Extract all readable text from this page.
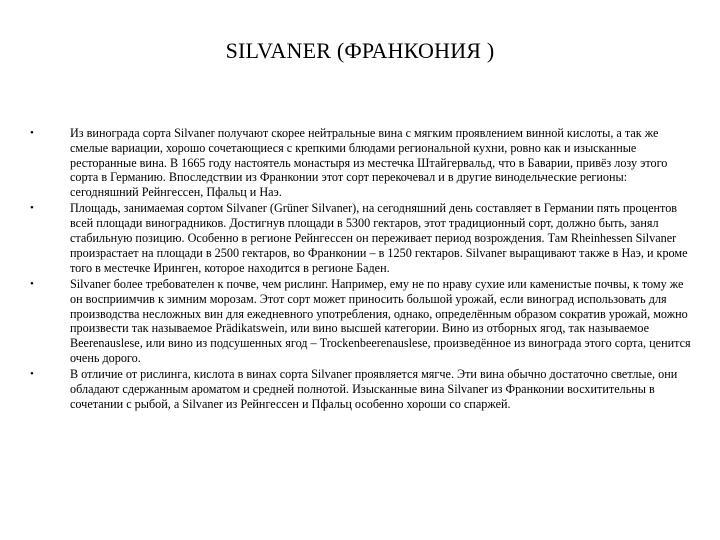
SILVANER (ФРАНКОНИЯ )
•	Из винограда сорта Silvaner получают скорее нейтральные вина с мягким проявлением винной кислоты, а так же смелые вариации, хорошо сочетающиеся с крепкими блюдами региональной кухни, ровно как и изысканные ресторанные вина. В 1665 году настоятель монастыря из местечка Штайгервальд, что в Баварии, привёз лозу этого сорта в Германию. Впоследствии из Франконии этот сорт перекочевал и в другие винодельческие регионы: сегодняшний Рейнгессен, Пфальц и Наэ.
•	Площадь, занимаемая сортом Silvaner (Grüner Silvaner), на сегодняшний день составляет в Германии пять процентов всей площади виноградников. Достигнув площади в 5300 гектаров, этот традиционный сорт, должно быть, занял стабильную позицию. Особенно в регионе Рейнгессен он переживает период возрождения. Там Rheinhessen Silvaner произрастает на площади в 2500 гектаров, во Франконии – в 1250 гектаров. Silvaner выращивают также в Наэ, и кроме того в местечке Ирингeн, которое находится в регионе Баден.
•	Silvaner более требователен к почве, чем рислинг. Например, ему не по нраву сухие или каменистые почвы, к тому же он восприимчив к зимним морозам. Этот сорт может приносить большой урожай, если виноград использовать для производства несложных вин для ежедневного употребления, однако, определённым образом сократив урожай, можно произвести так называемое Prädikatswein, или вино высшей категории. Вино из отборных ягод, так называемое Beerenauslese, или вино из подсушенных ягод – Trockenbeerenauslese, произведённое из винограда этого сорта, ценится очень дорого.
•	В отличие от рислинга, кислота в винах сорта Silvaner проявляется мягче. Эти вина обычно достаточно светлые, они обладают сдержанным ароматом и средней полнотой. Изысканные вина Silvaner из Франконии восхитительны в сочетании с рыбой, а Silvaner из Рейнгессен и Пфальц особенно хороши со спаржей.
